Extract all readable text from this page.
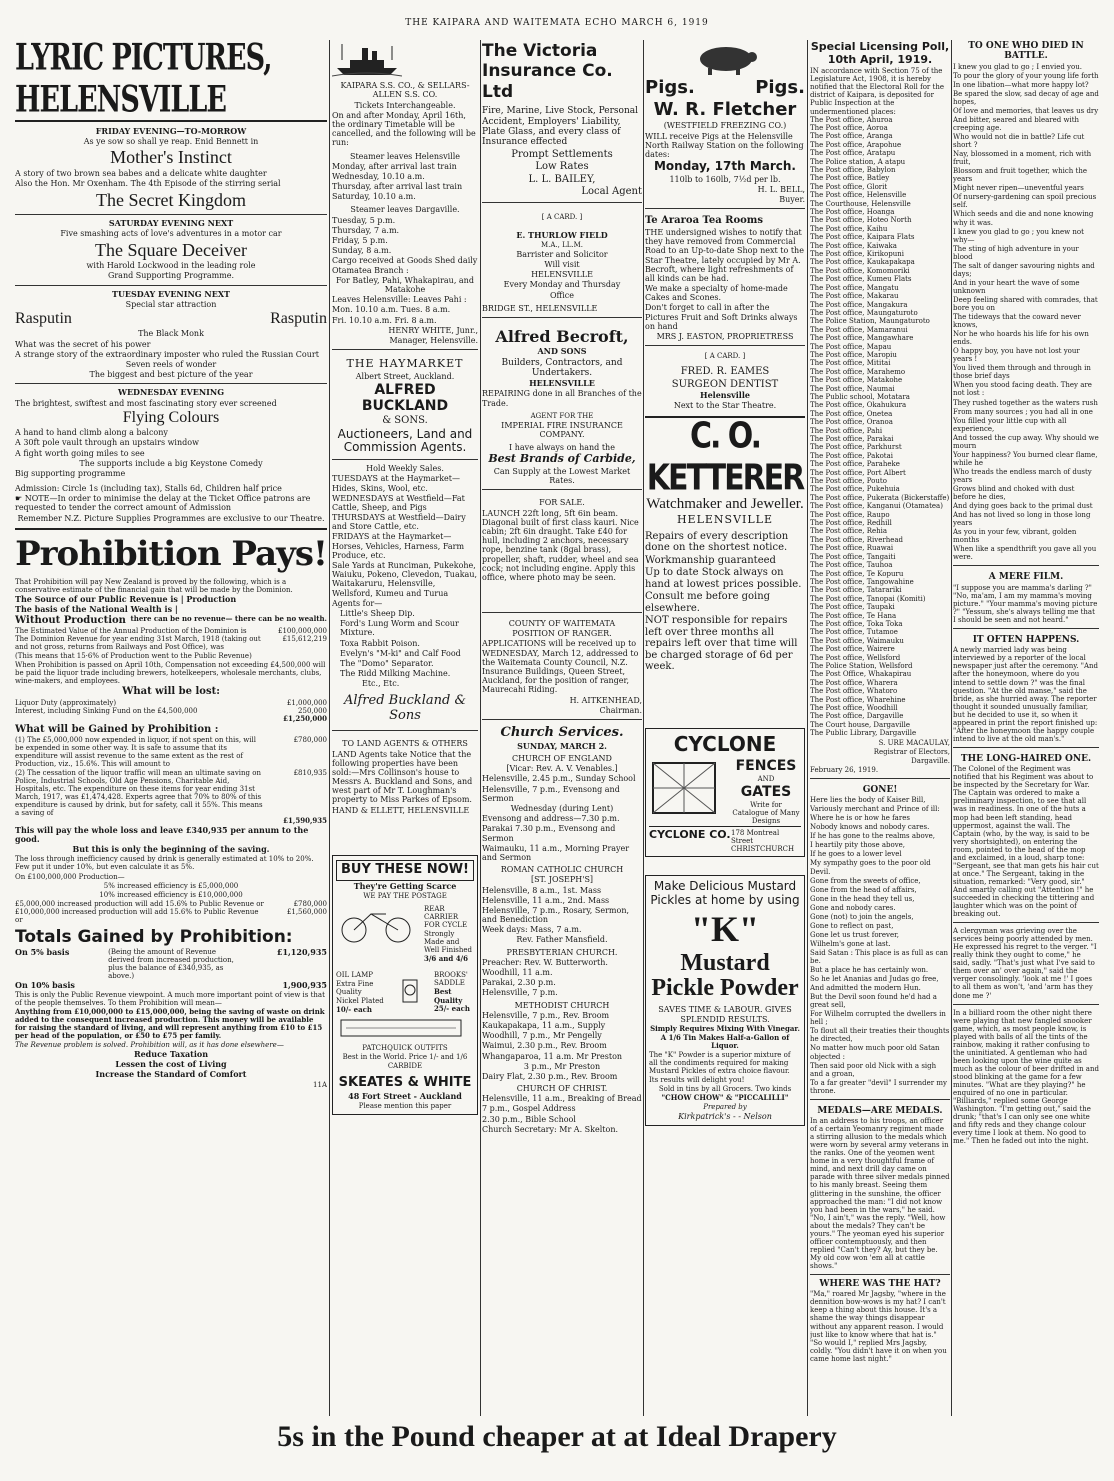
THE KAIPARA AND WAITEMATA ECHO MARCH 6, 1919
LYRIC PICTURES, HELENSVILLE

FRIDAY EVENING—TO-MORROW

As ye sow so shall ye reap. Enid Bennett in

Mother's Instinct

A story of two brown sea babes and a delicate white daughter

Also the Hon. Mr Oxenham. The 4th Episode of the stirring serial

The Secret Kingdom

SATURDAY EVENING NEXT

Five smashing acts of love's adventures in a motor car

The Square Deceiver

with Harold Lockwood in the leading role

Grand Supporting Programme.

TUESDAY EVENING NEXT

Special star attraction

Rasputin	Rasputin

The Black Monk

What was the secret of his power

A strange story of the extraordinary imposter who ruled the Russian Court

Seven reels of wonder

The biggest and best picture of the year

WEDNESDAY EVENING

The brightest, swiftest and most fascinating story ever screened

Flying Colours

A hand to hand climb along a balcony

A 30ft pole vault through an upstairs window

A fight worth going miles to see

The supports include a big Keystone Comedy

Big supporting programme

Admission: Circle 1s (including tax), Stalls 6d, Children half price

☛ NOTE—In order to minimise the delay at the Ticket Office patrons are requested to tender the correct amount of Admission

Remember N.Z. Picture Supplies Programmes are exclusive to our Theatre.

Prohibition Pays!

That Prohibition will pay New Zealand is proved by the following, which is a conservative estimate of the financial gain that will be made by the Dominion.

The Source of our Public Revenue is | Production

The basis of the National Wealth is |

Without Production there can be no revenue— there can be no wealth.
The Estimated Value of the Annual Production of the Dominion is	£100,000,000
The Dominion Revenue for year ending 31st March, 1918 (taking out and not gross, returns from Railways and Post Office), was
£15,612,219

(This means that 15·6% of Production went to the Public Revenue)

When Prohibition is passed on April 10th, Compensation not exceeding £4,500,000 will be paid the liquor trade including brewers, hotelkeepers, wholesale merchants, clubs, wine-makers, and employees.

What will be lost:

Liquor Duty (approximately)	£1,000,000
Interest, including Sinking Fund on the £4,500,000	250,000
£1,250,000

What will be Gained by Prohibition :

(1) The £5,000,000 now expended in liquor, if not spent on this, will be expended in some other way. It is safe to assume that its expenditure will assist revenue to the same extent as the rest of Production, viz., 15.6%. This will amount to
£780,000
(2) The cessation of the liquor traffic will mean an ultimate saving on Police, Industrial Schools, Old Age Pensions, Charitable Aid, Hospitals, etc. The expenditure on these items for year ending 31st March, 1917, was £1,474,428. Experts agree that 70% to 80% of this expenditure is caused by drink, but for safety, call it 55%. This means a saving of
£810,935
£1,590,935

This will pay the whole loss and leave £340,935 per annum to the good.

But this is only the beginning of the saving.

The loss through inefficiency caused by drink is generally estimated at 10% to 20%. Few put it under 10%, but even calculate it as 5%.

On £100,000,000 Production—

5% increased efficiency is £5,000,000

10% increased efficiency is £10,000,000

£5,000,000 increased production will add 15.6% to Public Revenue or	£780,000
£10,000,000 increased production will add 15.6% to Public Revenue or
£1,560,000

Totals Gained by Prohibition:

On 5% basis	(Being the amount of Revenue derived from increased production, plus the balance of £340,935, as above.)
£1,120,935
On 10% basis	1,900,935

This is only the Public Revenue viewpoint. A much more important point of view is that of the people themselves. To them Prohibition will mean—

Anything from £10,000,000 to £15,000,000, being the saving of waste on drink added to the consequent increased production. This money will be available for raising the standard of living, and will represent anything from £10 to £15 per head of the population, or £50 to £75 per family.

The Revenue problem is solved. Prohibition will, as it has done elsewhere—

Reduce Taxation

Lessen the cost of Living

Increase the Standard of Comfort

11A

KAIPARA S.S. CO., & SELLARS-ALLEN S.S. CO.

Tickets Interchangeable.

On and after Monday, April 16th, the ordinary Timetable will be cancelled, and the following will be run:

Steamer leaves Helensville

Monday, after arrival last train

Wednesday, 10.10 a.m.

Thursday, after arrival last train

Saturday, 10.10 a.m.

Steamer leaves Dargaville.

Tuesday, 5 p.m.

Thursday, 7 a.m.

Friday, 5 p.m.

Sunday, 8 a.m.

Cargo received at Goods Shed daily Otamatea Branch :

For Batley, Pahi, Whakapirau, and Matakohe

Leaves Helensville: Leaves Pahi :

Mon. 10.10 a.m. Tues. 8 a.m.

Fri. 10.10 a.m. Fri. 8 a.m.

HENRY WHITE, Junr.,

Manager, Helensville.

THE HAYMARKET

Albert Street, Auckland.

ALFRED BUCKLAND

& SONS.

Auctioneers, Land and Commission Agents.

Hold Weekly Sales.

TUESDAYS at the Haymarket—Hides, Skins, Wool, etc.

WEDNESDAYS at Westfield—Fat Cattle, Sheep, and Pigs

THURSDAYS at Westfield—Dairy and Store Cattle, etc.

FRIDAYS at the Haymarket—Horses, Vehicles, Harness, Farm Produce, etc.

Sale Yards at Runciman, Pukekohe, Waiuku, Pokeno, Clevedon, Tuakau, Waitakaruru, Helensville, Wellsford, Kumeu and Turua

Agents for—

Little's Sheep Dip.

Ford's Lung Worm and Scour Mixture.

Toxa Rabbit Poison.

Evelyn's "M-ki" and Calf Food

The "Domo" Separator.

The Ridd Milking Machine.

Etc., Etc.

Alfred Buckland & Sons

TO LAND AGENTS & OTHERS

LAND Agents take Notice that the following properties have been sold:—Mrs Collinson's house to Messrs A. Buckland and Sons, and west part of Mr T. Loughman's property to Miss Parkes of Epsom.

HAND & ELLETT, HELENSVILLE

BUY THESE NOW!

They're Getting Scarce

WE PAY THE POSTAGE

REAR CARRIER FOR CYCLE

Strongly Made and Well Finished

3/6 and 4/6

OIL LAMP

Extra Fine Quality Nickel Plated

10/- each

BROOKS' SADDLE

Best Quality 25/- each

PATCHQUICK OUTFITS

Best in the World. Price 1/- and 1/6

CARBIDE

SKEATES & WHITE

48 Fort Street - Auckland

Please mention this paper

The Victoria Insurance Co. Ltd

Fire, Marine, Live Stock, Personal Accident, Employers' Liability, Plate Glass, and every class of Insurance effected

Prompt Settlements

Low Rates

L. L. BAILEY,

Local Agent

[ A CARD. ]

E. THURLOW FIELD

M.A., LL.M.

Barrister and Solicitor

Will visit

HELENSVILLE

Every Monday and Thursday

Office

BRIDGE ST., HELENSVILLE

Alfred Becroft,

AND SONS

Builders, Contractors, and Undertakers.

HELENSVILLE

REPAIRING done in all Branches of the Trade.

AGENT FOR THE

IMPERIAL FIRE INSURANCE COMPANY.

I have always on hand the

Best Brands of Carbide,

Can Supply at the Lowest Market Rates.

FOR SALE.

LAUNCH 22ft long, 5ft 6in beam. Diagonal built of first class kauri. Nice cabin; 2ft 6in draught. Take £40 for hull, including 2 anchors, necessary rope, benzine tank (8gal brass), propeller, shaft, rudder, wheel and sea cock; not including engine. Apply this office, where photo may be seen.

COUNTY OF WAITEMATA

POSITION OF RANGER.

APPLICATIONS will be received up to WEDNESDAY, March 12, addressed to the Waitemata County Council, N.Z. Insurance Buildings, Queen Street, Auckland, for the position of ranger, Maurecahi Riding.

H. AITKENHEAD,

Chairman.

Church Services.

SUNDAY, MARCH 2.

CHURCH OF ENGLAND

[Vicar: Rev. A. V. Venables.]

Helensville, 2.45 p.m., Sunday School

Helensville, 7 p.m., Evensong and Sermon

Wednesday (during Lent)

Evensong and address—7.30 p.m.

Parakai 7.30 p.m., Evensong and Sermon

Waimauku, 11 a.m., Morning Prayer and Sermon

ROMAN CATHOLIC CHURCH

[ST. JOSEPH'S]

Helensville, 8 a.m., 1st. Mass

Helensville, 11 a.m., 2nd. Mass

Helensville, 7 p.m., Rosary, Sermon, and Benediction

Week days: Mass, 7 a.m.

Rev. Father Mansfield.

PRESBYTERIAN CHURCH.

Preacher: Rev. W. Butterworth.

Woodhill, 11 a.m.

Parakai, 2.30 p.m.

Helensville, 7 p.m.

METHODIST CHURCH

Helensville, 7 p.m., Rev. Broom

Kaukapakapa, 11 a.m., Supply

Woodhill, 7 p.m., Mr Pengelly

Waimui, 2.30 p.m., Rev. Broom

Whangaparoa, 11 a.m. Mr Preston

3 p.m., Mr Preston

Dairy Flat, 2.30 p.m., Rev. Broom

CHURCH OF CHRIST.

Helensville, 11 a.m., Breaking of Bread

7 p.m., Gospel Address

2.30 p.m., Bible School

Church Secretary: Mr A. Skelton.

Pigs.	Pigs.

W. R. Fletcher

(WESTFIELD FREEZING CO.)

WILL receive Pigs at the Helensville North Railway Station on the following dates:

Monday, 17th March.

110lb to 160lb, 7½d per lb.

H. L. BELL,

Buyer.

Te Araroa Tea Rooms

THE undersigned wishes to notify that they have removed from Commercial Road to an Up-to-date Shop next to the Star Theatre, lately occupied by Mr A. Becroft, where light refreshments of all kinds can be had.

We make a specialty of home-made Cakes and Scones.

Don't forget to call in after the Pictures Fruit and Soft Drinks always on hand

MRS J. EASTON, PROPRIETRESS

[ A CARD. ]

FRED. R. EAMES

SURGEON DENTIST

Helensville

Next to the Star Theatre.

C. O. KETTERER

Watchmaker and Jeweller.

HELENSVILLE

Repairs of every description done on the shortest notice.

Workmanship guaranteed

Up to date Stock always on hand at lowest prices possible.

Consult me before going elsewhere.

NOT responsible for repairs left over three months all repairs left over that time will be charged storage of 6d per week.

CYCLONE

FENCES

AND

GATES

Write for Catalogue of Many Designs

CYCLONE CO. 178 Montreal Street CHRISTCHURCH

Make Delicious Mustard Pickles at home by using

"K"

Mustard Pickle Powder

SAVES TIME & LABOUR. GIVES SPLENDID RESULTS.

Simply Requires Mixing With Vinegar.

A 1/6 Tin Makes Half-a-Gallon of Liquor.

The "K" Powder is a superior mixture of all the condiments required for making Mustard Pickles of extra choice flavour.

Its results will delight you!

Sold in tins by all Grocers. Two kinds

"CHOW CHOW" & "PICCALILLI"

Prepared by

Kirkpatrick's - - Nelson

Special Licensing Poll, 10th April, 1919.

IN accordance with Section 75 of the Legislature Act, 1908, it is hereby notified that the Electoral Roll for the district of Kaipara, is deposited for Public Inspection at the undermentioned places:

The Post office, Ahuroa

The Post office, Aoroa

The Post office, Aranga

The Post office, Arapohue

The Post office, Aratapu

The Police station, A atapu

The Post office, Babylon

The Post office, Batley

The Post office, Glorit

The Post office, Helensville

The Courthouse, Helensville

The Post office, Hoanga

The Post office, Hoteo North

The Post office, Kaihu

The Post office, Kaipara Flats

The Post office, Kaiwaka

The Post office, Kirikopuni

The Post office, Kaukapakapa

The Post office, Komomoriki

The Post office, Kumeu Flats

The Post office, Mangatu

The Post office, Makarau

The Post office, Mangakura

The Post office, Maungaturoto

The Police Station, Maungaturoto

The Post office, Mamaranui

The Post office, Mangawhare

The Post office, Mapau

The Post office, Maropiu

The Post office, Mititai

The Post office, Marahemo

The Post office, Matakohe

The Post office, Naumai

The Public school, Motatara

The Post office, Okahukura

The Post office, Onetea

The Post office, Oranoa

The Post office, Pahi

The Post office, Parakai

The Post office, Parkhurst

The Post office, Pakotai

The Post office, Paraheke

The Post office, Port Albert

The Post office, Pouto

The Post office, Pukehuia

The Post office, Pukerata (Bickerstaffe)

The Post office, Kanganui (Otamatea)

The Post office, Raupo

The Post office, Redhill

The Post office, Rehia

The Post office, Riverhead

The Post office, Ruawai

The Post office, Tangaiti

The Post office, Tauhoa

The Post office, Te Kopuru

The Post office, Tangowahine

The Post office, Tatarariki

The Post office, Tanopai (Komiti)

The Post office, Taupaki

The Post office, Te Hana

The Post office, Toka Toka

The Post office, Tutamoe

The Post office, Waimauku

The Post office, Wairere

The Post office, Wellsford

The Police Station, Wellsford

The Post Office, Whakapirau

The Post office, Wharera

The Post office, Whatoro

The Post office, Wharehine

The Post office, Woodhill

The Post office, Dargaville

The Court house, Dargaville

The Public Library, Dargaville

S. URE MACAULAY,

Registrar of Electors,

Dargaville.

February 26, 1919.

GONE!

Here lies the body of Kaiser Bill,

Variously merchant and Prince of ill:

Where he is or how he fares

Nobody knows and nobody cares.

If he has gone to the realms above,

I heartily pity those above,

If he goes to a lower level

My sympathy goes to the poor old Devil.

Gone from the sweets of office,

Gone from the head of affairs,

Gone in the head they tell us,

Gone and nobody cares.

Gone (not) to join the angels,

Gone to reflect on past,

Gone let us trust forever,

Wilhelm's gone at last.

Said Satan : This place is as full as can be.

But a place he has certainly won.

So he let Ananias and Judas go free,

And admitted the modern Hun.

But the Devil soon found he'd had a great sell,

For Wilhelm corrupted the dwellers in hell ;

To flout all their treaties their thoughts he directed,

No matter how much poor old Satan objected :

Then said poor old Nick with a sigh and a groan,

To a far greater "devil" I surrender my throne.

MEDALS—ARE MEDALS.

In an address to his troops, an officer of a certain Yeomanry regiment made a stirring allusion to the medals which were worn by several army veterans in the ranks. One of the yeomen went home in a very thoughtful frame of mind, and next drill day came on parade with three silver medals pinned to his manly breast. Seeing them glittering in the sunshine, the officer approached the man: "I did not know you had been in the wars," he said. "No, I ain't," was the reply. "Well, how about the medals? They can't be yours." The yeoman eyed his superior officer contemptuously, and then replied "Can't they? Ay, but they be. My old cow won 'em all at cattle shows."

WHERE WAS THE HAT?

"Ma," roared Mr Jagsby, "where in the dennition bow-wows is my hat? I can't keep a thing about this house. It's a shame the way things disappear without any apparent reason. I would just like to know where that hat is." "So would I," replied Mrs Jagsby, coldly. "You didn't have it on when you came home last night."

TO ONE WHO DIED IN BATTLE.

I knew you glad to go ; I envied you.

To pour the glory of your young life forth

In one libation—what more happy lot?

Be spared the slow, sad decay of age and hopes,

Of love and memories, that leaves us dry

And bitter, seared and bleared with creeping age.

Who would not die in battle? Life cut short ?

Nay, blossomed in a moment, rich with fruit,

Blossom and fruit together, which the years

Might never ripen—uneventful years

Of nursery-gardening can spoil precious self.

Which seeds and die and none knowing why it was.

I knew you glad to go ; you knew not why—

The sting of high adventure in your blood

The salt of danger savouring nights and days;

And in your heart the wave of some unknown

Deep feeling shared with comrades, that bore you on

The tideways that the coward never knows,

Nor he who hoards his life for his own ends.

O happy boy, you have not lost your years !

You lived them through and through in those brief days

When you stood facing death. They are not lost :

They rushed together as the waters rush

From many sources ; you had all in one

You filled your little cup with all experience,

And tossed the cup away. Why should we mourn

Your happiness? You burned clear flame, while he

Who treads the endless march of dusty years

Grows blind and choked with dust before he dies,

And dying goes back to the primal dust

And has not lived so long in those long years

As you in your few, vibrant, golden months

When like a spendthrift you gave all you were.

A MERE FILM.

"I suppose you are mamma's darling ?" "No, ma'am, I am my mamma's moving picture." "Your mamma's moving picture ?" "Yessum, she's always telling me that I should be seen and not heard."

IT OFTEN HAPPENS.

A newly married lady was being interviewed by a reporter of the local newspaper just after the ceremony. "And after the honeymoon, where do you intend to settle down ?" was the final question. "At the old manse," said the bride, as she hurried away. The reporter thought it sounded unusually familiar, but he decided to use it, so when it appeared in print the report finished up: "After the honeymoon the happy couple intend to live at the old man's."

THE LONG-HAIRED ONE.

The Colonel of the Regiment was notified that his Regiment was about to be inspected by the Secretary for War. The Captain was ordered to make a preliminary inspection, to see that all was in readiness. In one of the huts a mop had been left standing, head uppermost, against the wall. The Captain (who, by the way, is said to be very shortsighted), on entering the room, pointed to the head of the mop and exclaimed, in a loud, sharp tone: "Sergeant, see that man gets his hair cut at once." The Sergeant, taking in the situation, remarked: "Very good, sir." And smartly calling out "Attention !" he succeeded in checking the tittering and laughter which was on the point of breaking out.

A clergyman was grieving over the services being poorly attended by men. He expressed his regret to the verger. "I really think they ought to come," he said, sadly. "That's just what I've said to them over an' over again," said the verger consolingly. 'look at me !' I goes to all them as won't, 'and 'arm has they done me ?'

In a billiard room the other night there were playing that new fangled snooker game, which, as most people know, is played with balls of all the tints of the rainbow, making it rather confusing to the uninitiated. A gentleman who had been looking upon the wine quite as much as the colour of beer drifted in and stood blinking at the game for a few minutes. "What are they playing?" he enquired of no one in particular. "Billiards," replied some George Washington. "I'm getting out," said the drunk; "that's I can only see one white and fifty reds and they change colour every time I look at them. No good to me." Then he faded out into the night.

5s in the Pound cheaper at at Ideal Drapery
